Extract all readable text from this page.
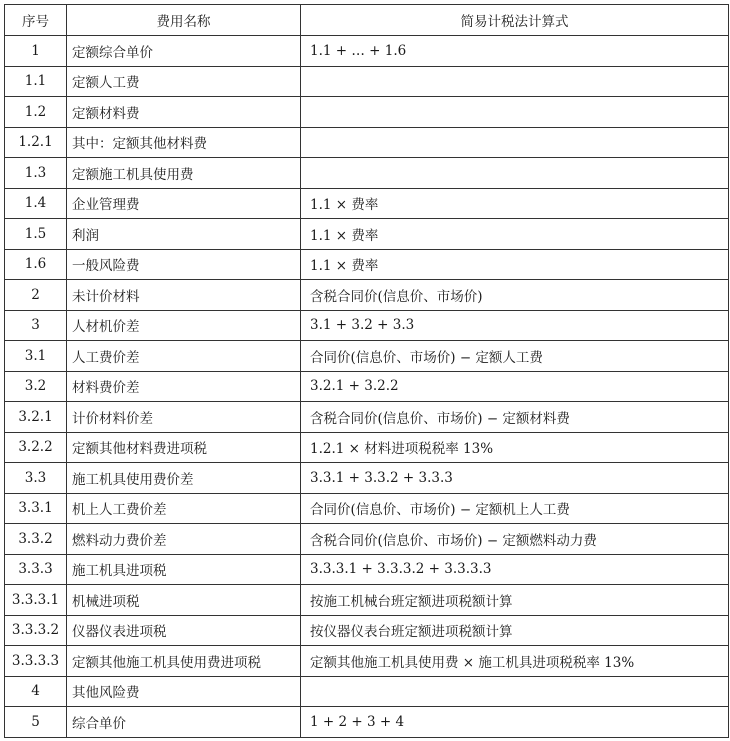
序号	费用名称	简易计税法计算式
1	定额综合单价	1.1 + … + 1.6
1.1	定额人工费	
1.2	定额材料费	
1.2.1	其中：定额其他材料费	
1.3	定额施工机具使用费	
1.4	企业管理费	1.1 × 费率
1.5	利润	1.1 × 费率
1.6	一般风险费	1.1 × 费率
2	未计价材料	含税合同价(信息价、市场价)
3	人材机价差	3.1 + 3.2 + 3.3
3.1	人工费价差	合同价(信息价、市场价) − 定额人工费
3.2	材料费价差	3.2.1 + 3.2.2
3.2.1	计价材料价差	含税合同价(信息价、市场价) − 定额材料费
3.2.2	定额其他材料费进项税	1.2.1 × 材料进项税税率 13%
3.3	施工机具使用费价差	3.3.1 + 3.3.2 + 3.3.3
3.3.1	机上人工费价差	合同价(信息价、市场价) − 定额机上人工费
3.3.2	燃料动力费价差	含税合同价(信息价、市场价) − 定额燃料动力费
3.3.3	施工机具进项税	3.3.3.1 + 3.3.3.2 + 3.3.3.3
3.3.3.1	机械进项税	按施工机械台班定额进项税额计算
3.3.3.2	仪器仪表进项税	按仪器仪表台班定额进项税额计算
3.3.3.3	定额其他施工机具使用费进项税	定额其他施工机具使用费 × 施工机具进项税税率 13%
4	其他风险费	
5	综合单价	1 + 2 + 3 + 4
